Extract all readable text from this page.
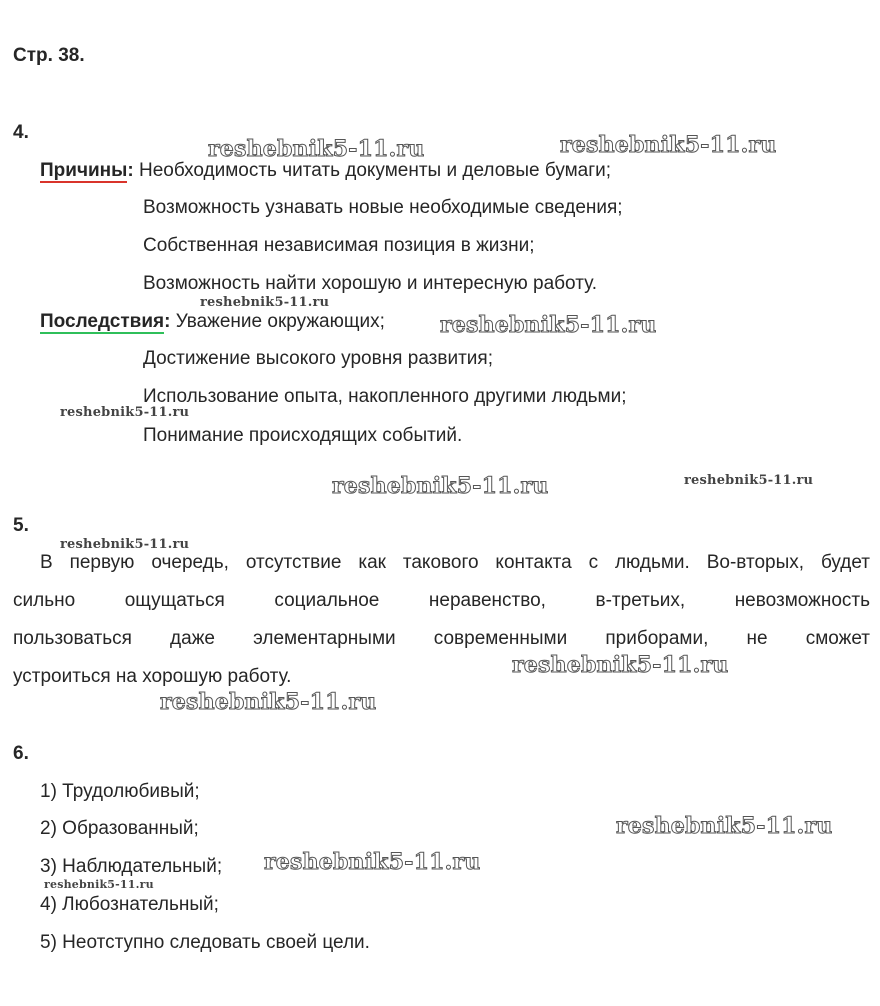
Стр. 38.
4.
Причины: Необходимость читать документы и деловые бумаги;
Возможность узнавать новые необходимые сведения;
Собственная независимая позиция в жизни;
Возможность найти хорошую и интересную работу.
Последствия: Уважение окружающих;
Достижение высокого уровня развития;
Использование опыта, накопленного другими людьми;
Понимание происходящих событий.
5.
В первую очередь, отсутствие как такового контакта с людьми. Во-вторых, будет
сильно ощущаться социальное неравенство, в-третьих, невозможность
пользоваться даже элементарными современными приборами, не сможет
устроиться на хорошую работу.
6.
1) Трудолюбивый;
2) Образованный;
3) Наблюдательный;
4) Любознательный;
5) Неотступно следовать своей цели.
reshebnik5-11.ru	reshebnik5-11.ru
reshebnik5-11.ru
reshebnik5-11.ru
reshebnik5-11.ru
reshebnik5-11.ru	reshebnik5-11.ru
reshebnik5-11.ru
reshebnik5-11.ru
reshebnik5-11.ru
reshebnik5-11.ru
reshebnik5-11.ru
reshebnik5-11.ru
